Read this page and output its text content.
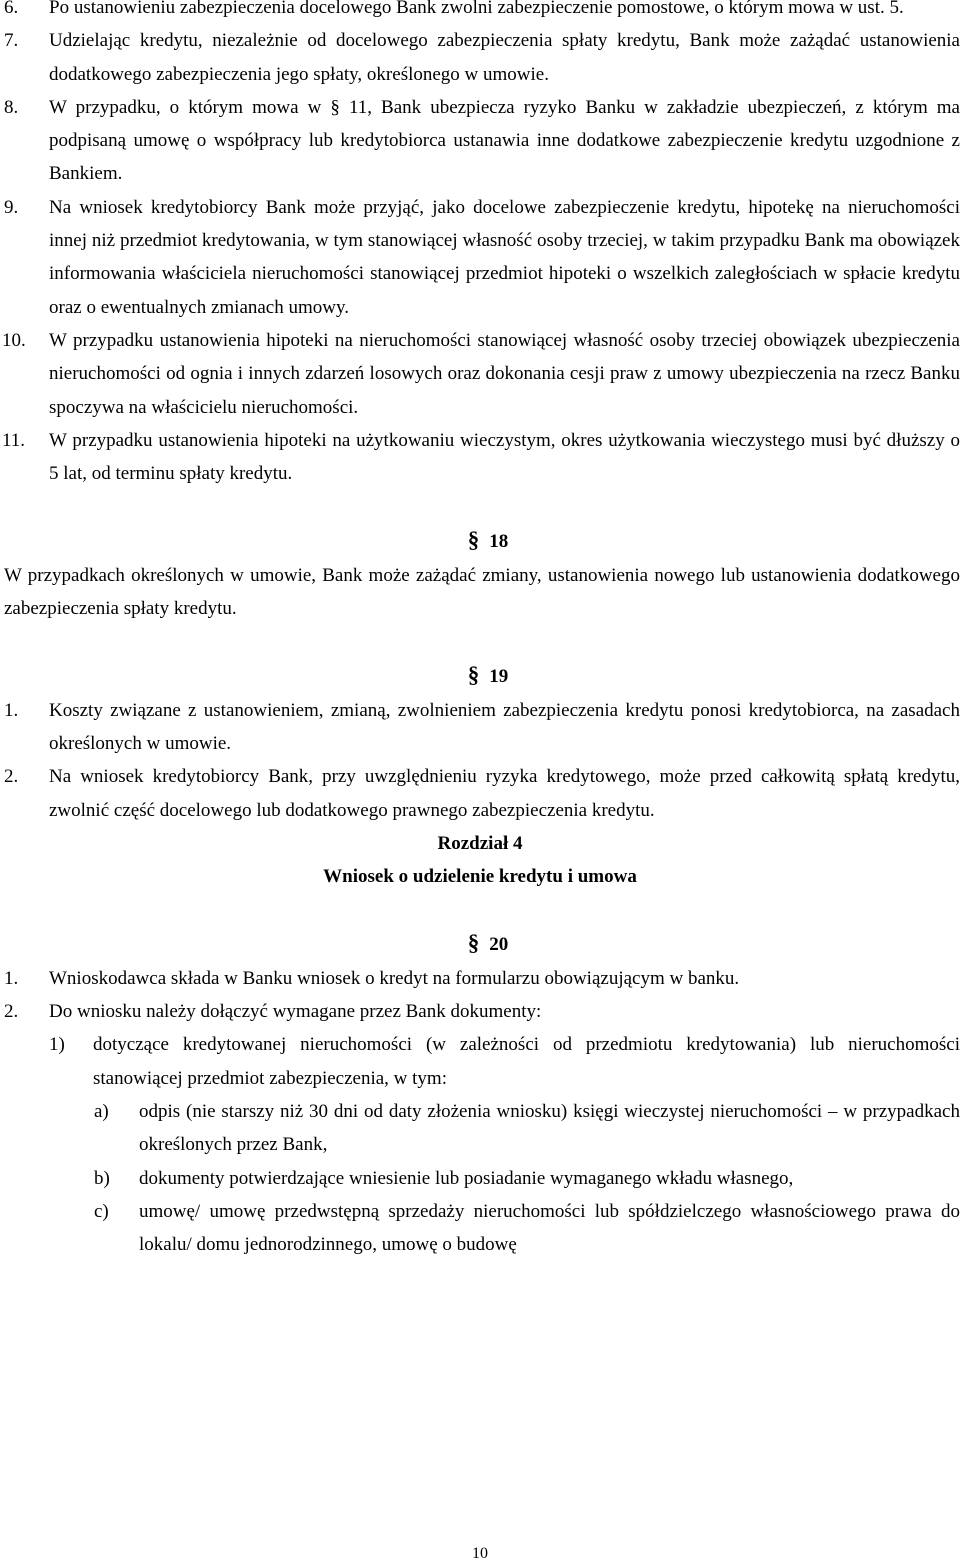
6. Po ustanowieniu zabezpieczenia docelowego Bank zwolni zabezpieczenie pomostowe, o którym mowa w ust. 5.
7. Udzielając kredytu, niezależnie od docelowego zabezpieczenia spłaty kredytu, Bank może zażądać ustanowienia dodatkowego zabezpieczenia jego spłaty, określonego w umowie.
8. W przypadku, o którym mowa w § 11, Bank ubezpiecza ryzyko Banku w zakładzie ubezpieczeń, z którym ma podpisaną umowę o współpracy lub kredytobiorca ustanawia inne dodatkowe zabezpieczenie kredytu uzgodnione z Bankiem.
9. Na wniosek kredytobiorcy Bank może przyjąć, jako docelowe zabezpieczenie kredytu, hipotekę na nieruchomości innej niż przedmiot kredytowania, w tym stanowiącej własność osoby trzeciej, w takim przypadku Bank ma obowiązek informowania właściciela nieruchomości stanowiącej przedmiot hipoteki o wszelkich zaległościach w spłacie kredytu oraz o ewentualnych zmianach umowy.
10. W przypadku ustanowienia hipoteki na nieruchomości stanowiącej własność osoby trzeciej obowiązek ubezpieczenia nieruchomości od ognia i innych zdarzeń losowych oraz dokonania cesji praw z umowy ubezpieczenia na rzecz Banku spoczywa na właścicielu nieruchomości.
11. W przypadku ustanowienia hipoteki na użytkowaniu wieczystym, okres użytkowania wieczystego musi być dłuższy o 5 lat, od terminu spłaty kredytu.
§ 18
W przypadkach określonych w umowie, Bank może zażądać zmiany, ustanowienia nowego lub ustanowienia dodatkowego zabezpieczenia spłaty kredytu.
§ 19
1. Koszty związane z ustanowieniem, zmianą, zwolnieniem zabezpieczenia kredytu ponosi kredytobiorca, na zasadach określonych w umowie.
2. Na wniosek kredytobiorcy Bank, przy uwzględnieniu ryzyka kredytowego, może przed całkowitą spłatą kredytu, zwolnić część docelowego lub dodatkowego prawnego zabezpieczenia kredytu.
Rozdział 4
Wniosek o udzielenie kredytu i umowa
§ 20
1. Wnioskodawca składa w Banku wniosek o kredyt na formularzu obowiązującym w banku.
2. Do wniosku należy dołączyć wymagane przez Bank dokumenty:
1) dotyczące kredytowanej nieruchomości (w zależności od przedmiotu kredytowania) lub nieruchomości stanowiącej przedmiot zabezpieczenia, w tym:
a) odpis (nie starszy niż 30 dni od daty złożenia wniosku) księgi wieczystej nieruchomości – w przypadkach określonych przez Bank,
b) dokumenty potwierdzające wniesienie lub posiadanie wymaganego wkładu własnego,
c) umowę/ umowę przedwstępną sprzedaży nieruchomości lub spółdzielczego własnościowego prawa do lokalu/ domu jednorodzinnego, umowę o budowę
10
